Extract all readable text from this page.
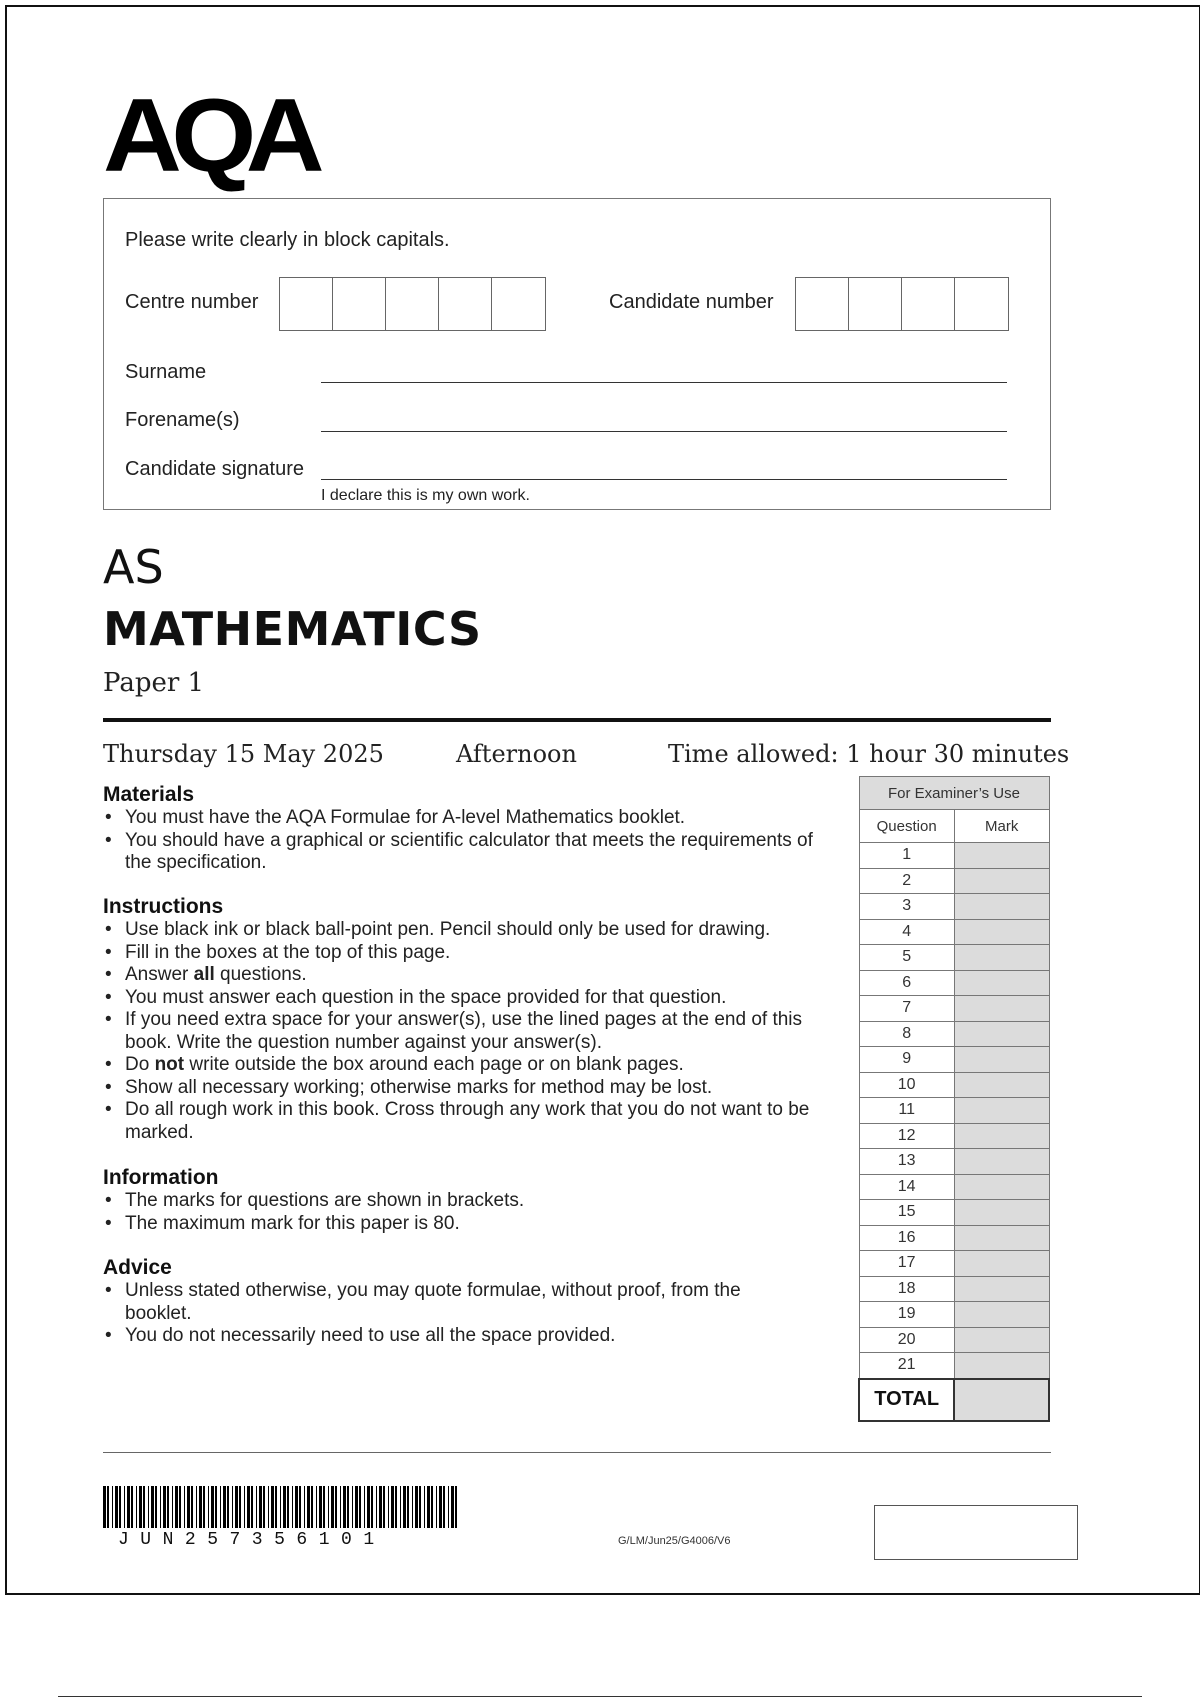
AQA
Please write clearly in block capitals.
Centre number	Candidate number
Surname
Forename(s)
Candidate signature
I declare this is my own work.
AS
MATHEMATICS
Paper 1
Thursday 15 May 2025	Afternoon	Time allowed: 1 hour 30 minutes
Materials
• You must have the AQA Formulae for A-level Mathematics booklet.
• You should have a graphical or scientific calculator that meets the requirements of the specification.
Instructions
• Use black ink or black ball-point pen. Pencil should only be used for drawing.
• Fill in the boxes at the top of this page.
• Answer all questions.
• You must answer each question in the space provided for that question.
• If you need extra space for your answer(s), use the lined pages at the end of this book. Write the question number against your answer(s).
• Do not write outside the box around each page or on blank pages.
• Show all necessary working; otherwise marks for method may be lost.
• Do all rough work in this book. Cross through any work that you do not want to be marked.
Information
• The marks for questions are shown in brackets.
• The maximum mark for this paper is 80.
Advice
• Unless stated otherwise, you may quote formulae, without proof, from the booklet.
• You do not necessarily need to use all the space provided.
For Examiner’s Use	
Question	Mark
1	
2	
3	
4	
5	
6	
7	
8	
9	
10	
11	
12	
13	
14	
15	
16	
17	
18	
19	
20	
21	
TOTAL	
JUN257356101	G/LM/Jun25/G4006/V6
